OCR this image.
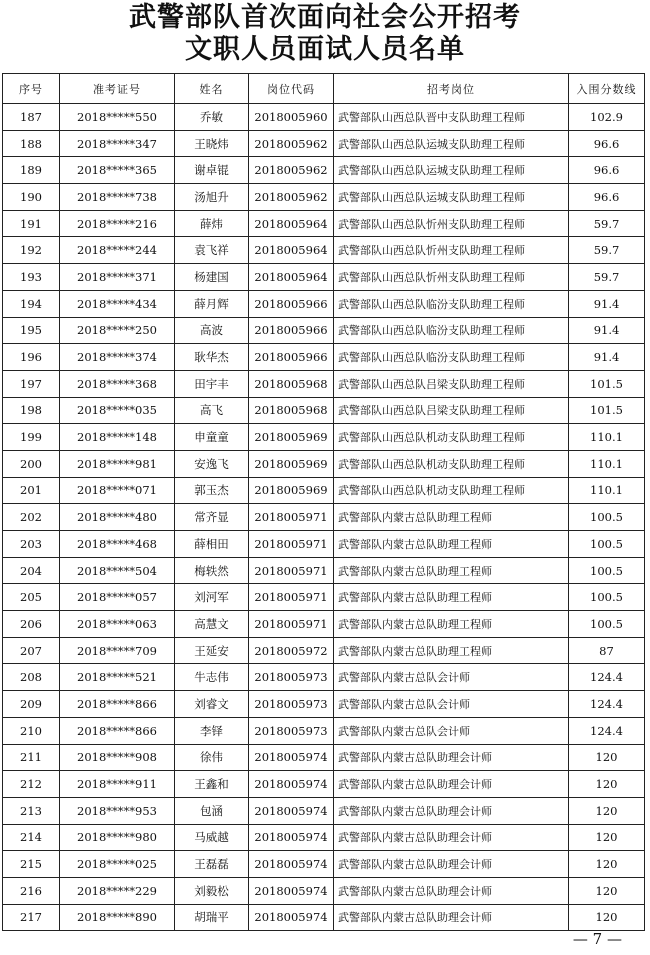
武警部队首次面向社会公开招考
文职人员面试人员名单
序号	准考证号	姓名	岗位代码	招考岗位	入围分数线
187	2018*****550	乔敏	2018005960	武警部队山西总队晋中支队助理工程师	102.9
188	2018*****347	王晓炜	2018005962	武警部队山西总队运城支队助理工程师	96.6
189	2018*****365	谢卓锟	2018005962	武警部队山西总队运城支队助理工程师	96.6
190	2018*****738	汤旭升	2018005962	武警部队山西总队运城支队助理工程师	96.6
191	2018*****216	薛炜	2018005964	武警部队山西总队忻州支队助理工程师	59.7
192	2018*****244	袁飞祥	2018005964	武警部队山西总队忻州支队助理工程师	59.7
193	2018*****371	杨建国	2018005964	武警部队山西总队忻州支队助理工程师	59.7
194	2018*****434	薛月辉	2018005966	武警部队山西总队临汾支队助理工程师	91.4
195	2018*****250	高波	2018005966	武警部队山西总队临汾支队助理工程师	91.4
196	2018*****374	耿华杰	2018005966	武警部队山西总队临汾支队助理工程师	91.4
197	2018*****368	田宇丰	2018005968	武警部队山西总队吕梁支队助理工程师	101.5
198	2018*****035	高飞	2018005968	武警部队山西总队吕梁支队助理工程师	101.5
199	2018*****148	申童童	2018005969	武警部队山西总队机动支队助理工程师	110.1
200	2018*****981	安逸飞	2018005969	武警部队山西总队机动支队助理工程师	110.1
201	2018*****071	郭玉杰	2018005969	武警部队山西总队机动支队助理工程师	110.1
202	2018*****480	常齐显	2018005971	武警部队内蒙古总队助理工程师	100.5
203	2018*****468	薛相田	2018005971	武警部队内蒙古总队助理工程师	100.5
204	2018*****504	梅轶然	2018005971	武警部队内蒙古总队助理工程师	100.5
205	2018*****057	刘河军	2018005971	武警部队内蒙古总队助理工程师	100.5
206	2018*****063	高慧文	2018005971	武警部队内蒙古总队助理工程师	100.5
207	2018*****709	王延安	2018005972	武警部队内蒙古总队助理工程师	87
208	2018*****521	牛志伟	2018005973	武警部队内蒙古总队会计师	124.4
209	2018*****866	刘睿文	2018005973	武警部队内蒙古总队会计师	124.4
210	2018*****866	李铎	2018005973	武警部队内蒙古总队会计师	124.4
211	2018*****908	徐伟	2018005974	武警部队内蒙古总队助理会计师	120
212	2018*****911	王鑫和	2018005974	武警部队内蒙古总队助理会计师	120
213	2018*****953	包涵	2018005974	武警部队内蒙古总队助理会计师	120
214	2018*****980	马威越	2018005974	武警部队内蒙古总队助理会计师	120
215	2018*****025	王磊磊	2018005974	武警部队内蒙古总队助理会计师	120
216	2018*****229	刘毅松	2018005974	武警部队内蒙古总队助理会计师	120
217	2018*****890	胡瑞平	2018005974	武警部队内蒙古总队助理会计师	120
— 7 —
